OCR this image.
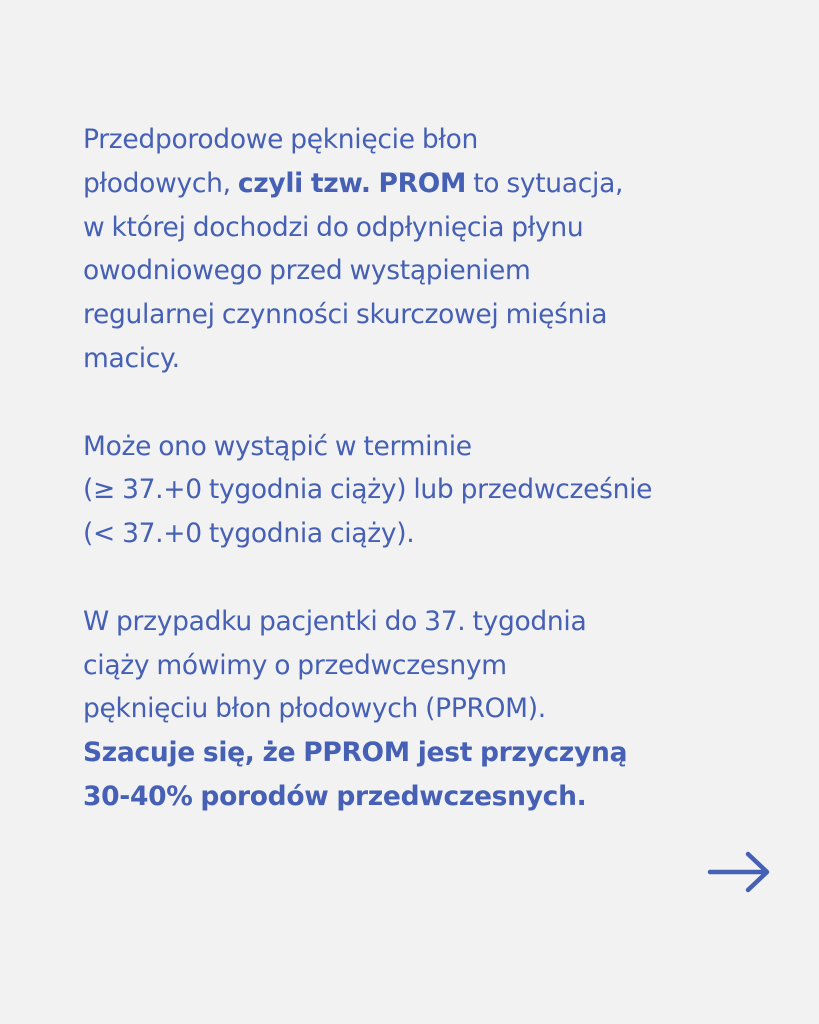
Przedporodowe pęknięcie błon
płodowych, czyli tzw. PROM to sytuacja,
w której dochodzi do odpłynięcia płynu
owodniowego przed wystąpieniem
regularnej czynności skurczowej mięśnia
macicy.

Może ono wystąpić w terminie
(≥ 37.+0 tygodnia ciąży) lub przedwcześnie
(< 37.+0 tygodnia ciąży).

W przypadku pacjentki do 37. tygodnia
ciąży mówimy o przedwczesnym
pęknięciu błon płodowych (PPROM).
Szacuje się, że PPROM jest przyczyną
30-40% porodów przedwczesnych.
